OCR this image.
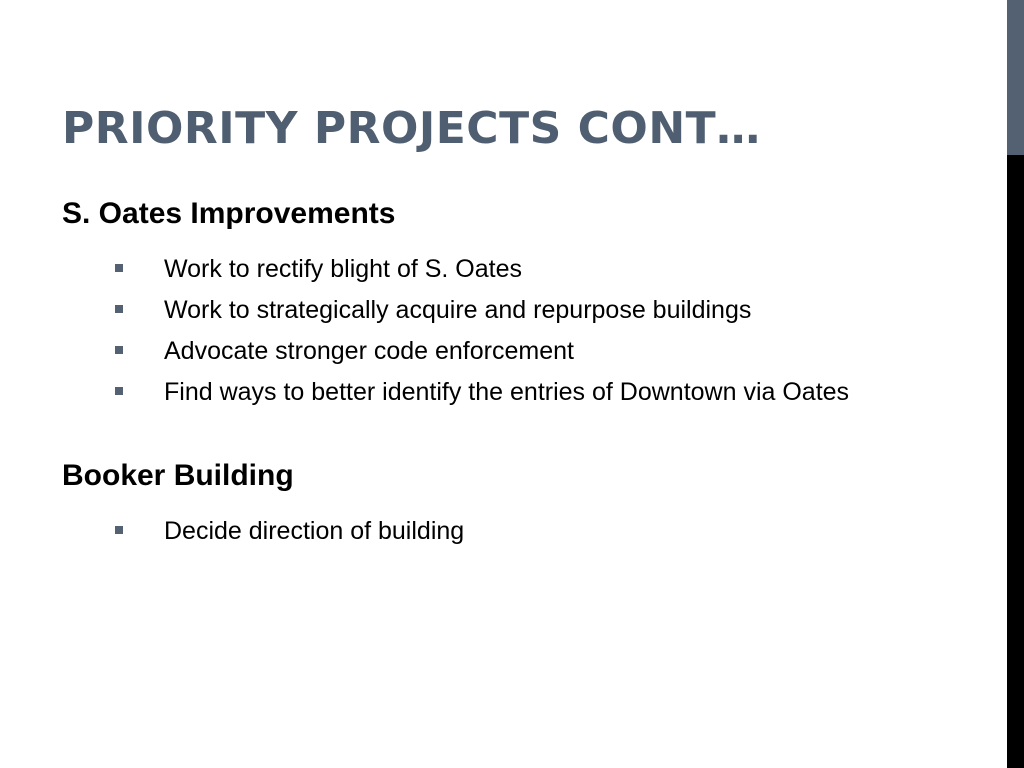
PRIORITY PROJECTS CONT…
S. Oates Improvements
Work to rectify blight of S. Oates
Work to strategically acquire and repurpose buildings
Advocate stronger code enforcement
Find ways to better identify the entries of Downtown via Oates
Booker Building
Decide direction of building
